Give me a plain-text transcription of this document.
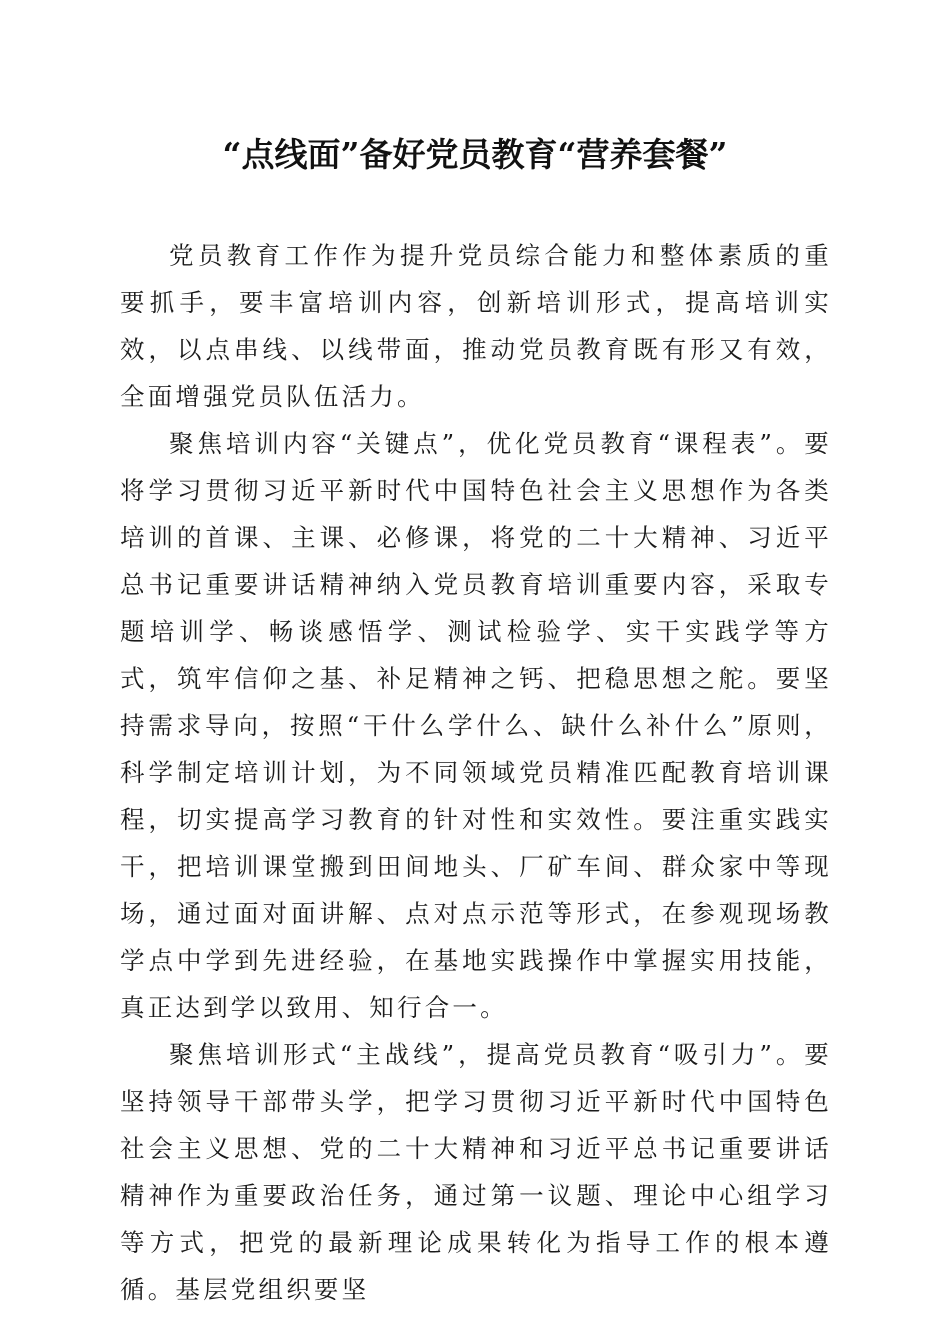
“点线面”备好党员教育“营养套餐”

党员教育工作作为提升党员综合能力和整体素质的重要抓手，要丰富培训内容，创新培训形式，提高培训实效，以点串线、以线带面，推动党员教育既有形又有效，全面增强党员队伍活力。

聚焦培训内容“关键点”，优化党员教育“课程表”。要将学习贯彻习近平新时代中国特色社会主义思想作为各类培训的首课、主课、必修课，将党的二十大精神、习近平总书记重要讲话精神纳入党员教育培训重要内容，采取专题培训学、畅谈感悟学、测试检验学、实干实践学等方式，筑牢信仰之基、补足精神之钙、把稳思想之舵。要坚持需求导向，按照“干什么学什么、缺什么补什么”原则，科学制定培训计划，为不同领域党员精准匹配教育培训课程，切实提高学习教育的针对性和实效性。要注重实践实干，把培训课堂搬到田间地头、厂矿车间、群众家中等现场，通过面对面讲解、点对点示范等形式，在参观现场教学点中学到先进经验，在基地实践操作中掌握实用技能，真正达到学以致用、知行合一。

聚焦培训形式“主战线”，提高党员教育“吸引力”。要坚持领导干部带头学，把学习贯彻习近平新时代中国特色社会主义思想、党的二十大精神和习近平总书记重要讲话精神作为重要政治任务，通过第一议题、理论中心组学习等方式，把党的最新理论成果转化为指导工作的根本遵循。基层党组织要坚
